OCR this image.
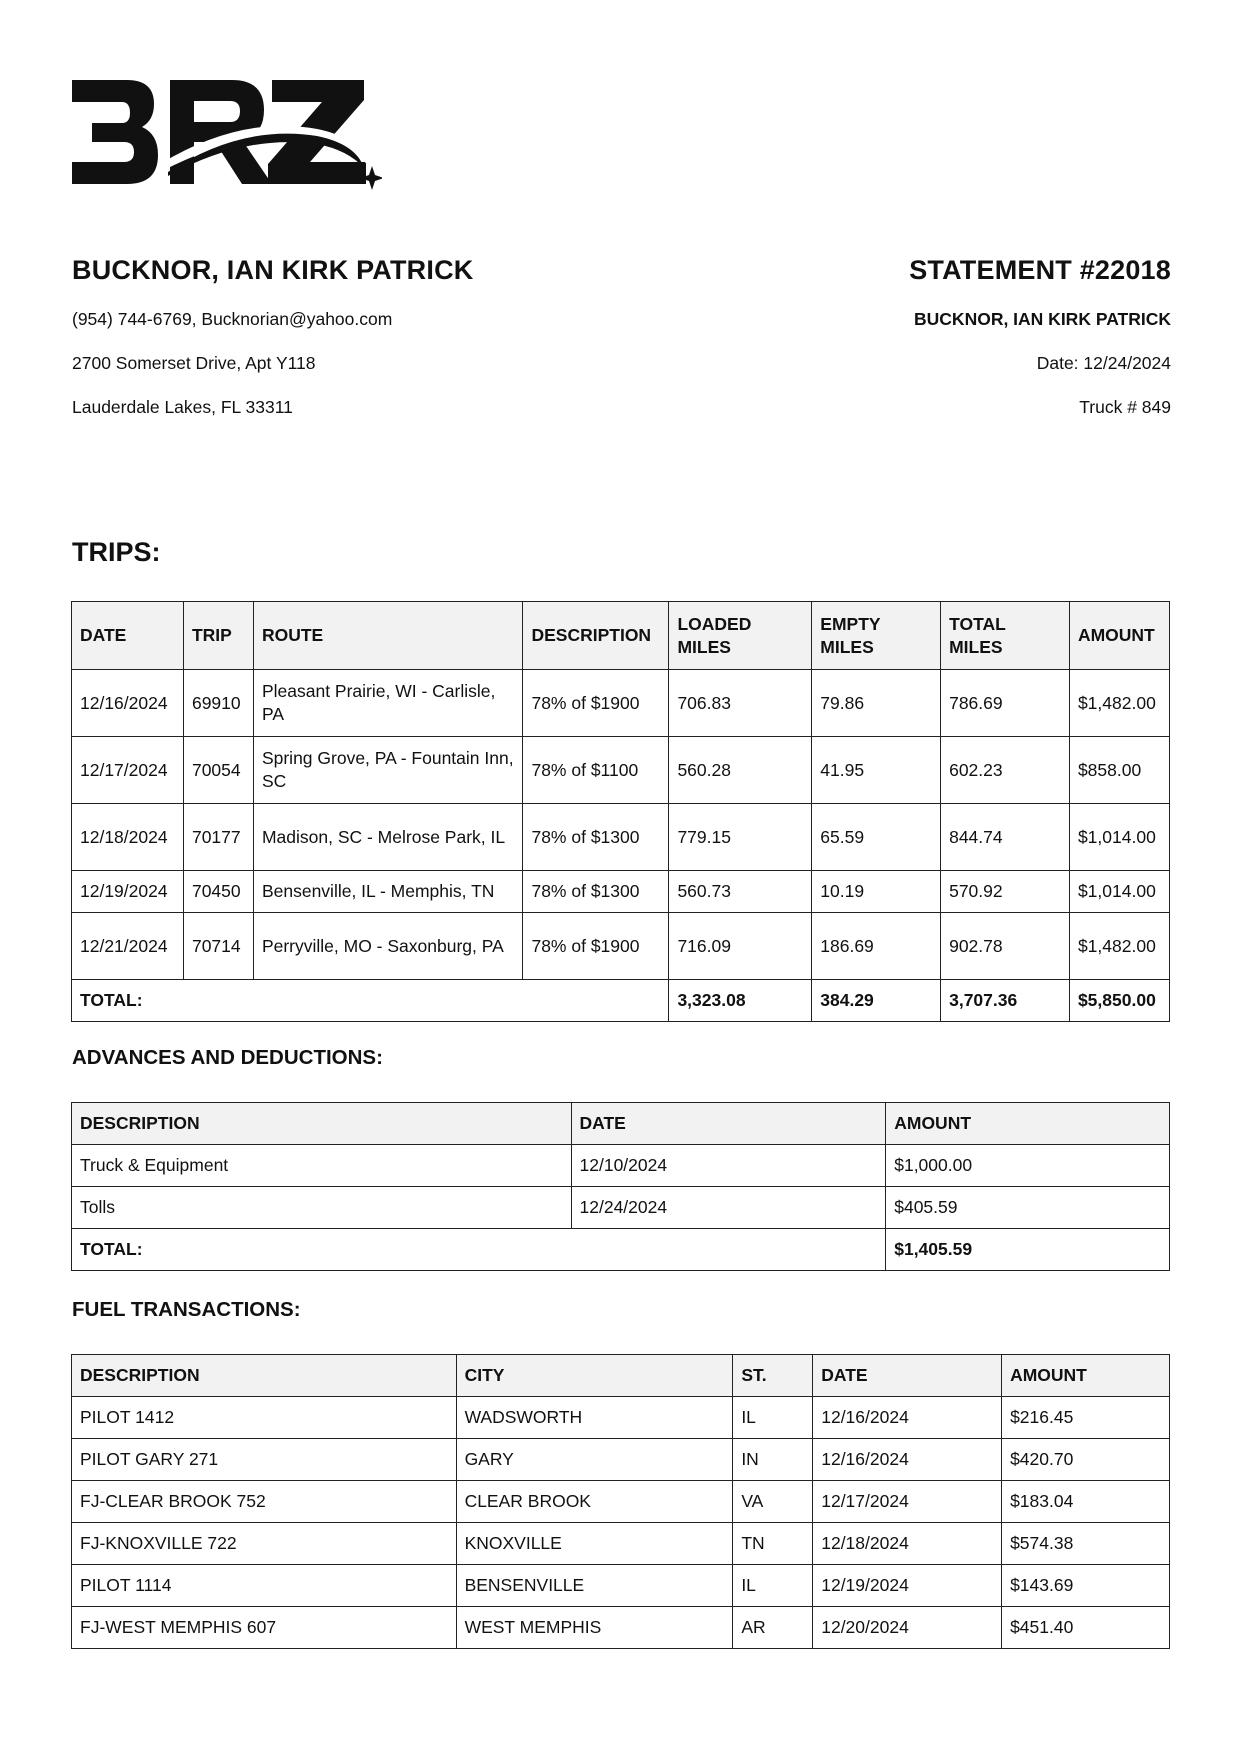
BUCKNOR, IAN KIRK PATRICK
(954) 744-6769, Bucknorian@yahoo.com
2700 Somerset Drive, Apt Y118
Lauderdale Lakes, FL 33311
STATEMENT #22018
BUCKNOR, IAN KIRK PATRICK
Date: 12/24/2024
Truck # 849
TRIPS:
DATE	TRIP	ROUTE	DESCRIPTION	LOADED MILES	EMPTY MILES	TOTAL MILES	AMOUNT
12/16/2024	69910	Pleasant Prairie, WI - Carlisle, PA	78% of $1900	706.83	79.86	786.69	$1,482.00
12/17/2024	70054	Spring Grove, PA - Fountain Inn, SC	78% of $1100	560.28	41.95	602.23	$858.00
12/18/2024	70177	Madison, SC - Melrose Park, IL	78% of $1300	779.15	65.59	844.74	$1,014.00
12/19/2024	70450	Bensenville, IL - Memphis, TN	78% of $1300	560.73	10.19	570.92	$1,014.00
12/21/2024	70714	Perryville, MO - Saxonburg, PA	78% of $1900	716.09	186.69	902.78	$1,482.00
TOTAL:				3,323.08	384.29	3,707.36	$5,850.00
ADVANCES AND DEDUCTIONS:
DESCRIPTION	DATE	AMOUNT
Truck & Equipment	12/10/2024	$1,000.00
Tolls	12/24/2024	$405.59
TOTAL:		$1,405.59
FUEL TRANSACTIONS:
DESCRIPTION	CITY	ST.	DATE	AMOUNT
PILOT 1412	WADSWORTH	IL	12/16/2024	$216.45
PILOT GARY 271	GARY	IN	12/16/2024	$420.70
FJ-CLEAR BROOK 752	CLEAR BROOK	VA	12/17/2024	$183.04
FJ-KNOXVILLE 722	KNOXVILLE	TN	12/18/2024	$574.38
PILOT 1114	BENSENVILLE	IL	12/19/2024	$143.69
FJ-WEST MEMPHIS 607	WEST MEMPHIS	AR	12/20/2024	$451.40
